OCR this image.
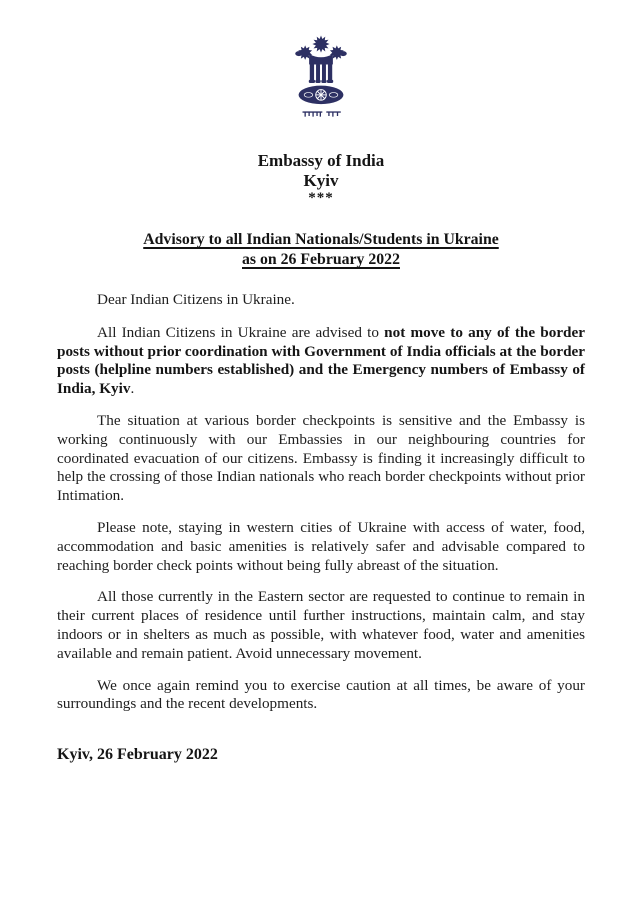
Embassy of India
Kyiv
***
Advisory to all Indian Nationals/Students in Ukraine
as on 26 February 2022
Dear Indian Citizens in Ukraine.
All Indian Citizens in Ukraine are advised to not move to any of the border posts without prior coordination with Government of India officials at the border posts (helpline numbers established) and the Emergency numbers of Embassy of India, Kyiv.
The situation at various border checkpoints is sensitive and the Embassy is working continuously with our Embassies in our neighbouring countries for coordinated evacuation of our citizens. Embassy is finding it increasingly difficult to help the crossing of those Indian nationals who reach border checkpoints without prior Intimation.
Please note, staying in western cities of Ukraine with access of water, food, accommodation and basic amenities is relatively safer and advisable compared to reaching border check points without being fully abreast of the situation.
All those currently in the Eastern sector are requested to continue to remain in their current places of residence until further instructions, maintain calm, and stay indoors or in shelters as much as possible, with whatever food, water and amenities available and remain patient. Avoid unnecessary movement.
We once again remind you to exercise caution at all times, be aware of your surroundings and the recent developments.
Kyiv, 26 February 2022
